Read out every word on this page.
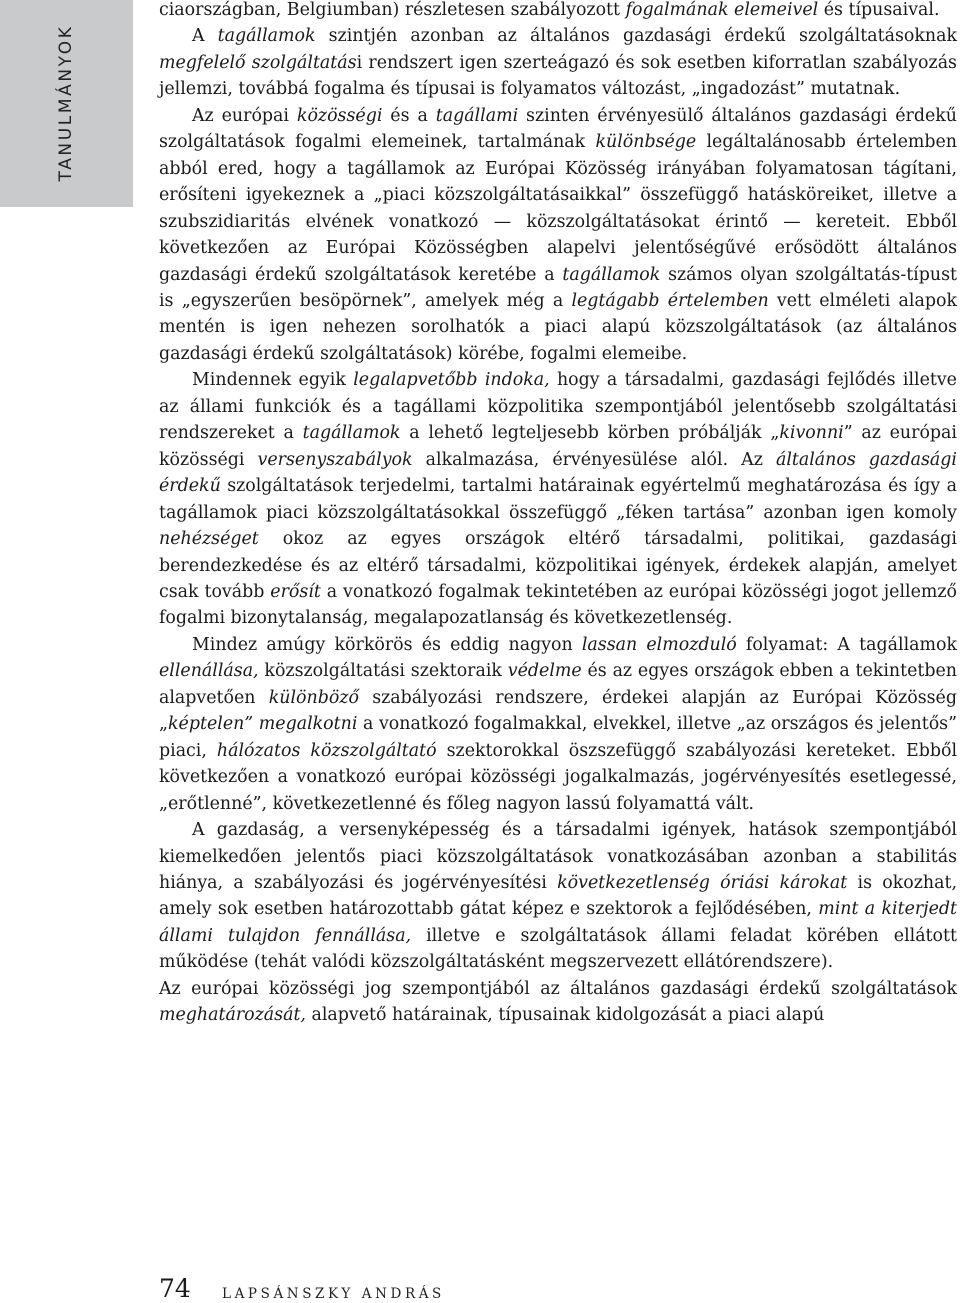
TANULMÁNYOK

ciaországban, Belgiumban) részletesen szabályozott fogalmának elemeivel és típusaival.

A tagállamok szintjén azonban az általános gazdasági érdekű szolgáltatásoknak megfelelő szolgáltatási rendszert igen szerteágazó és sok esetben kiforratlan szabályozás jellemzi, továbbá fogalma és típusai is folyamatos változást, „ingadozást” mutatnak.

Az európai közösségi és a tagállami szinten érvényesülő általános gazdasági érdekű szolgáltatások fogalmi elemeinek, tartalmának különbsége legáltalánosabb értelemben abból ered, hogy a tagállamok az Európai Közösség irányában folyamatosan tágítani, erősíteni igyekeznek a „piaci közszolgáltatásaikkal” összefüggő hatásköreiket, illetve a szubszidiaritás elvének vonatkozó — közszolgáltatásokat érintő — kereteit. Ebből következően az Európai Közösségben alapelvi jelentőségűvé erősödött általános gazdasági érdekű szolgáltatások keretébe a tagállamok számos olyan szolgáltatás-típust is „egyszerűen besöpörnek”, amelyek még a legtágabb értelemben vett elméleti alapok mentén is igen nehezen sorolhatók a piaci alapú közszolgáltatások (az általános gazdasági érdekű szolgáltatások) körébe, fogalmi elemeibe.

Mindennek egyik legalapvetőbb indoka, hogy a társadalmi, gazdasági fejlődés illetve az állami funkciók és a tagállami közpolitika szempontjából jelentősebb szolgáltatási rendszereket a tagállamok a lehető legteljesebb körben próbálják „kivonni” az európai közösségi versenyszabályok alkalmazása, érvényesülése alól. Az általános gazdasági érdekű szolgáltatások terjedelmi, tartalmi határainak egyértelmű meghatározása és így a tagállamok piaci közszolgáltatásokkal összefüggő „féken tartása” azonban igen komoly nehézséget okoz az egyes országok eltérő társadalmi, politikai, gazdasági berendezkedése és az eltérő társadalmi, közpolitikai igények, érdekek alapján, amelyet csak tovább erősít a vonatkozó fogalmak tekintetében az európai közösségi jogot jellemző fogalmi bizonytalanság, megalapozatlanság és következetlenség.

Mindez amúgy körkörös és eddig nagyon lassan elmozduló folyamat: A tagállamok ellenállása, közszolgáltatási szektoraik védelme és az egyes országok ebben a tekintetben alapvetően különböző szabályozási rendszere, érdekei alapján az Európai Közösség „képtelen” megalkotni a vonatkozó fogalmakkal, elvekkel, illetve „az országos és jelentős” piaci, hálózatos közszolgáltató szektorokkal öszszefüggő szabályozási kereteket. Ebből következően a vonatkozó európai közösségi jogalkalmazás, jogérvényesítés esetlegessé, „erőtlenné”, következetlenné és főleg nagyon lassú folyamattá vált.

A gazdaság, a versenyképesség és a társadalmi igények, hatások szempontjából kiemelkedően jelentős piaci közszolgáltatások vonatkozásában azonban a stabilitás hiánya, a szabályozási és jogérvényesítési következetlenség óriási károkat is okozhat, amely sok esetben határozottabb gátat képez e szektorok a fejlődésében, mint a kiterjedt állami tulajdon fennállása, illetve e szolgáltatások állami feladat körében ellátott működése (tehát valódi közszolgáltatásként megszervezett ellátórendszere).

Az európai közösségi jog szempontjából az általános gazdasági érdekű szolgáltatások meghatározását, alapvető határainak, típusainak kidolgozását a piaci alapú

74 LAPSÁNSZKY ANDRÁS
